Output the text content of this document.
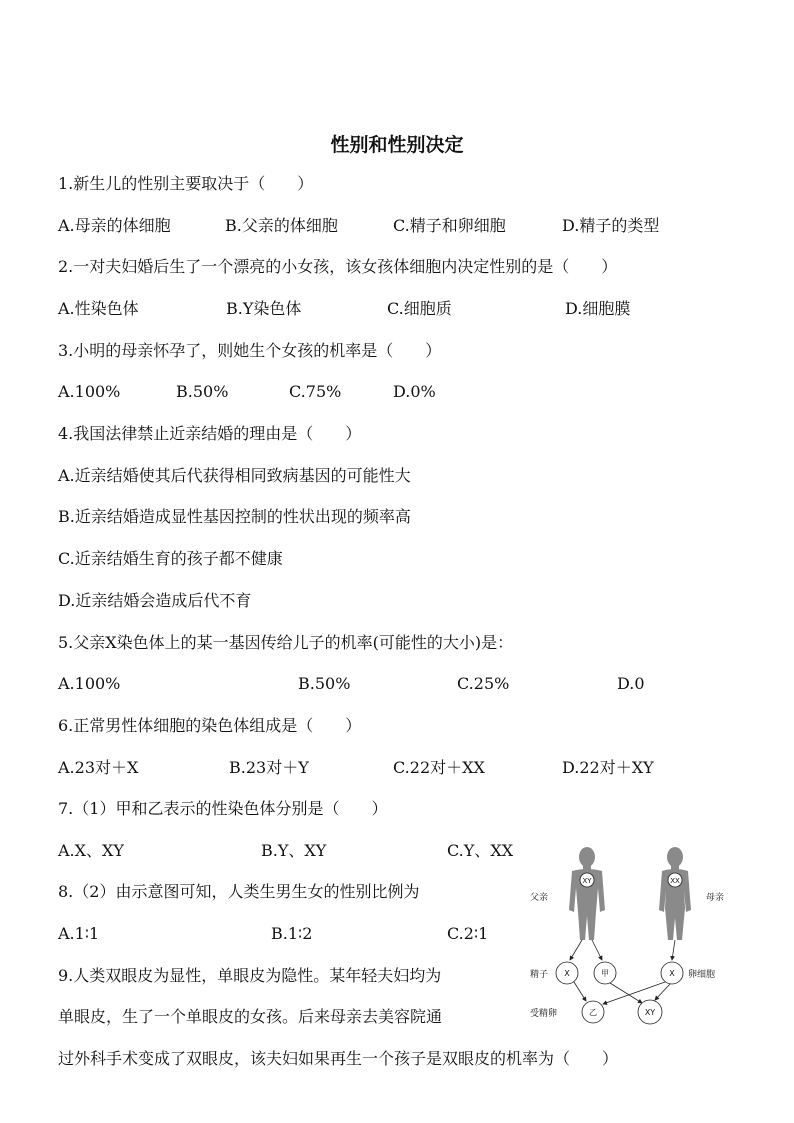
性别和性别决定
1.新生儿的性别主要取决于（　　）
A.母亲的体细胞	B.父亲的体细胞	C.精子和卵细胞	D.精子的类型
2.一对夫妇婚后生了一个漂亮的小女孩，该女孩体细胞内决定性别的是（　　）
A.性染色体	B.Y染色体	C.细胞质	D.细胞膜
3.小明的母亲怀孕了，则她生个女孩的机率是（　　）
A.100%	B.50%	C.75%	D.0%
4.我国法律禁止近亲结婚的理由是（　　）
A.近亲结婚使其后代获得相同致病基因的可能性大
B.近亲结婚造成显性基因控制的性状出现的频率高
C.近亲结婚生育的孩子都不健康
D.近亲结婚会造成后代不育
5.父亲X染色体上的某一基因传给儿子的机率(可能性的大小)是：
A.100%	B.50%	C.25%	D.0
6.正常男性体细胞的染色体组成是（　　）
A.23对＋X	B.23对＋Y	C.22对＋XX	D.22对＋XY
7.（1）甲和乙表示的性染色体分别是（　　）
A.X、XY	B.Y、XY	C.Y、XX
8.（2）由示意图可知，人类生男生女的性别比例为
A.1∶1	B.1∶2	C.2∶1
9.人类双眼皮为显性，单眼皮为隐性。某年轻夫妇均为
单眼皮，生了一个单眼皮的女孩。后来母亲去美容院通
过外科手术变成了双眼皮，该夫妇如果再生一个孩子是双眼皮的机率为（　　）
XY
父亲
XX
母亲
X	甲	X
精子	卵细胞
乙	XY
受精卵
